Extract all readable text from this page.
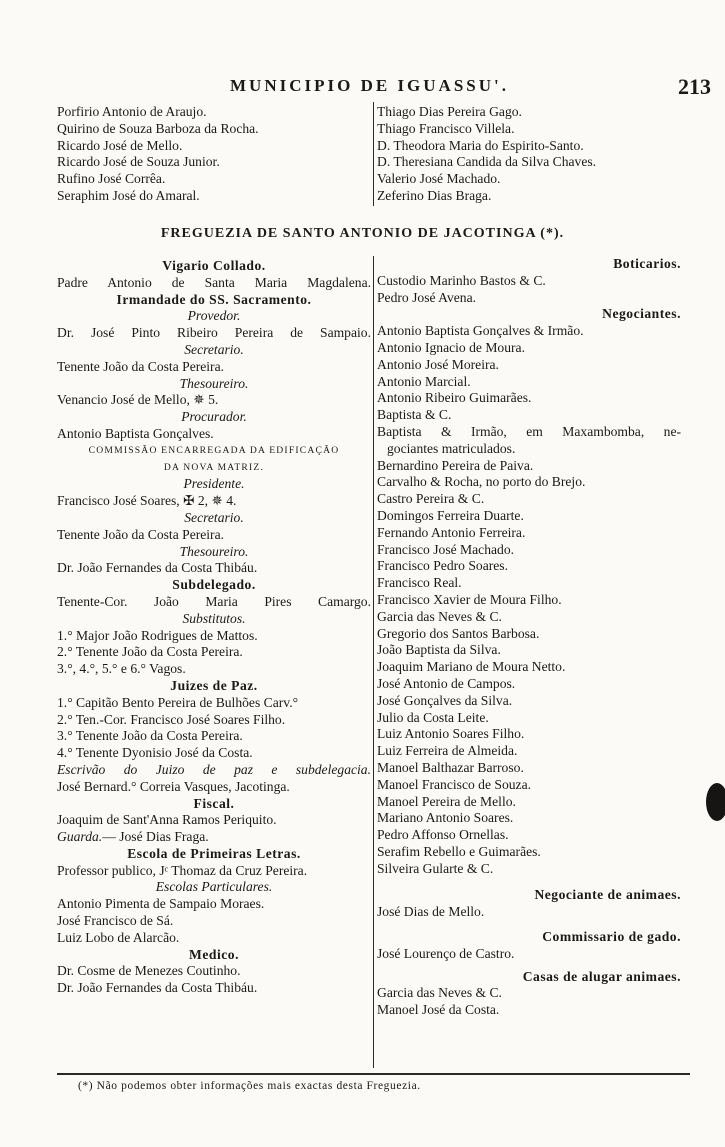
MUNICIPIO DE IGUASSU'.	213
Porfirio Antonio de Araujo.
Quirino de Souza Barboza da Rocha.
Ricardo José de Mello.
Ricardo José de Souza Junior.
Rufino José Corrêa.
Seraphim José do Amaral.
Thiago Dias Pereira Gago.
Thiago Francisco Villela.
D. Theodora Maria do Espirito-Santo.
D. Theresiana Candida da Silva Chaves.
Valerio José Machado.
Zeferino Dias Braga.
FREGUEZIA DE SANTO ANTONIO DE JACOTINGA (*).
Vigario Collado.
Padre Antonio de Santa Maria Magdalena.
Irmandade do SS. Sacramento.
Provedor.
Dr. José Pinto Ribeiro Pereira de Sampaio.
Secretario.
Tenente João da Costa Pereira.
Thesoureiro.
Venancio José de Mello, ✵ 5.
Procurador.
Antonio Baptista Gonçalves.
COMMISSÃO ENCARREGADA DA EDIFICAÇÃO
DA NOVA MATRIZ.
Presidente.
Francisco José Soares, ✠ 2, ✵ 4.
Secretario.
Tenente João da Costa Pereira.
Thesoureiro.
Dr. João Fernandes da Costa Thibáu.
Subdelegado.
Tenente-Cor. João Maria Pires Camargo.
Substitutos.
1.° Major João Rodrigues de Mattos.
2.° Tenente João da Costa Pereira.
3.°, 4.°, 5.° e 6.° Vagos.
Juizes de Paz.
1.° Capitão Bento Pereira de Bulhões Carv.°
2.° Ten.-Cor. Francisco José Soares Filho.
3.° Tenente João da Costa Pereira.
4.° Tenente Dyonisio José da Costa.
Escrivão do Juizo de paz e subdelegacia.
José Bernard.° Correia Vasques, Jacotinga.
Fiscal.
Joaquim de Sant'Anna Ramos Periquito.
Guarda.— José Dias Fraga.
Escola de Primeiras Letras.
Professor publico, Jᶜ Thomaz da Cruz Pereira.
Escolas Particulares.
Antonio Pimenta de Sampaio Moraes.
José Francisco de Sá.
Luiz Lobo de Alarcão.
Medico.
Dr. Cosme de Menezes Coutinho.
Dr. João Fernandes da Costa Thibáu.
Boticarios.
Custodio Marinho Bastos & C.
Pedro José Avena.
Negociantes.
Antonio Baptista Gonçalves & Irmão.
Antonio Ignacio de Moura.
Antonio José Moreira.
Antonio Marcial.
Antonio Ribeiro Guimarães.
Baptista & C.
Baptista & Irmão, em Maxambomba, ne-
gociantes matriculados.
Bernardino Pereira de Paiva.
Carvalho & Rocha, no porto do Brejo.
Castro Pereira & C.
Domingos Ferreira Duarte.
Fernando Antonio Ferreira.
Francisco José Machado.
Francisco Pedro Soares.
Francisco Real.
Francisco Xavier de Moura Filho.
Garcia das Neves & C.
Gregorio dos Santos Barbosa.
João Baptista da Silva.
Joaquim Mariano de Moura Netto.
José Antonio de Campos.
José Gonçalves da Silva.
Julio da Costa Leite.
Luiz Antonio Soares Filho.
Luiz Ferreira de Almeida.
Manoel Balthazar Barroso.
Manoel Francisco de Souza.
Manoel Pereira de Mello.
Mariano Antonio Soares.
Pedro Affonso Ornellas.
Serafim Rebello e Guimarães.
Silveira Gularte & C.
Negociante de animaes.
José Dias de Mello.
Commissario de gado.
José Lourenço de Castro.
Casas de alugar animaes.
Garcia das Neves & C.
Manoel José da Costa.
(*) Não podemos obter informações mais exactas desta Freguezia.
